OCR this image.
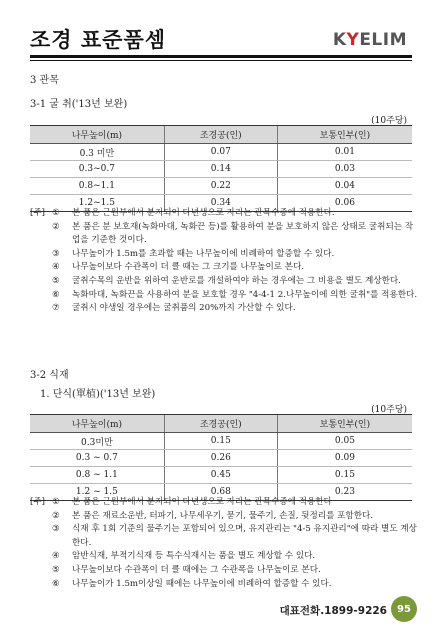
조경 표준품셈	KYELIM
3 관목
3-1 굴 취('13년 보완)
(10주당)
나무높이(m)	조경공(인)	보통인부(인)
0.3 미만	0.07	0.01
0.3~0.7	0.14	0.03
0.8~1.1	0.22	0.04
1.2~1.5	0.34	0.06
[주] ① 본 품은 근원부에서 분지되어 다년생으로 자라는 관목수종에 적용한다.
② 본 품은 분 보호재(녹화마대, 녹화끈 등)를 활용하여 분을 보호하지 않은 상태로 굴취되는 작업을 기준한 것이다.
③ 나무높이가 1.5m를 초과할 때는 나무높이에 비례하여 할증할 수 있다.
④ 나무높이보다 수관폭이 더 클 때는 그 크기를 나무높이로 본다.
⑤ 굴취수목의 운반을 위하여 운반로를 개설하여야 하는 경우에는 그 비용을 별도 계상한다.
⑥ 녹화마대, 녹화끈을 사용하여 분을 보호할 경우 "4-4-1 2.나무높이에 의한 굴취"를 적용한다.
⑦ 굴취시 야생일 경우에는 굴취품의 20%까지 가산할 수 있다.
3-2 식재
1. 단식(單植)('13년 보완)
(10주당)
나무높이(m)	조경공(인)	보통인부(인)
0.3미만	0.15	0.05
0.3 ~ 0.7	0.26	0.09
0.8 ~ 1.1	0.45	0.15
1.2 ~ 1.5	0.68	0.23
[주] ① 본 품은 근원부에서 분지되어 다년생으로 자라는 관목수종에 적용한다
② 본 품은 재료소운반, 터파기, 나무세우기, 묻기, 물주기, 손질, 뒷정리를 포함한다.
③ 식재 후 1회 기준의 물주기는 포함되어 있으며, 유지관리는 "4-5 유지관리"에 따라 별도 계상한다.
④ 암반식재, 부적기식재 등 특수식재시는 품을 별도 계상할 수 있다.
⑤ 나무높이보다 수관폭이 더 클 때에는 그 수관폭을 나무높이로 본다.
⑥ 나무높이가 1.5m이상일 때에는 나무높이에 비례하여 할증할 수 있다.
대표전화.1899-9226	95
